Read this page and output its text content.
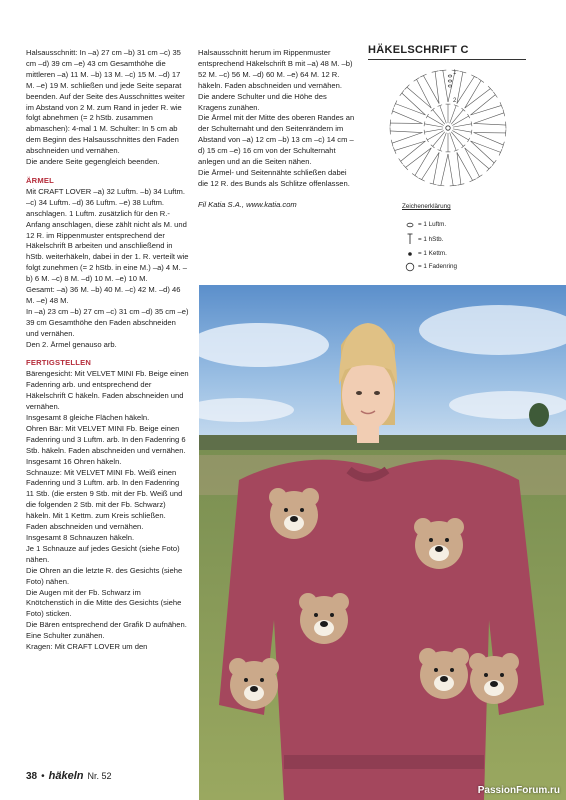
Halsausschnitt: In –a) 27 cm –b) 31 cm –c) 35 cm –d) 39 cm –e) 43 cm Gesamthöhe die mittleren –a) 11 M. –b) 13 M. –c) 15 M. –d) 17 M. –e) 19 M. schließen und jede Seite separat beenden. Auf der Seite des Ausschnittes weiter im Abstand von 2 M. zum Rand in jeder R. wie folgt abnehmen (= 2 hStb. zusammen abmaschen): 4-mal 1 M. Schulter: In 5 cm ab dem Beginn des Halsausschnittes den Faden abschneiden und vernähen.

Die andere Seite gegengleich beenden.

ÄRMEL

Mit CRAFT LOVER –a) 32 Luftm. –b) 34 Luftm. –c) 34 Luftm. –d) 36 Luftm. –e) 38 Luftm. anschlagen. 1 Luftm. zusätzlich für den R.-Anfang anschlagen, diese zählt nicht als M. und 12 R. im Rippenmuster entsprechend der Häkelschrift B arbeiten und anschließend in hStb. weiterhäkeln, dabei in der 1. R. verteilt wie folgt zunehmen (= 2 hStb. in eine M.) –a) 4 M. –b) 6 M. –c) 8 M. –d) 10 M. –e) 10 M.

Gesamt: –a) 36 M. –b) 40 M. –c) 42 M. –d) 46 M. –e) 48 M.

In –a) 23 cm –b) 27 cm –c) 31 cm –d) 35 cm –e) 39 cm Gesamthöhe den Faden abschneiden und vernähen.

Den 2. Ärmel genauso arb.

FERTIGSTELLEN

Bärengesicht: Mit VELVET MINI Fb. Beige einen Fadenring arb. und entsprechend der Häkelschrift C häkeln. Faden abschneiden und vernähen.

Insgesamt 8 gleiche Flächen häkeln.

Ohren Bär: Mit VELVET MINI Fb. Beige einen Fadenring und 3 Luftm. arb. In den Fadenring 6 Stb. häkeln. Faden abschneiden und vernähen.

Insgesamt 16 Ohren häkeln.

Schnauze: Mit VELVET MINI Fb. Weiß einen Fadenring und 3 Luftm. arb. In den Fadenring 11 Stb. (die ersten 9 Stb. mit der Fb. Weiß und die folgenden 2 Stb. mit der Fb. Schwarz) häkeln. Mit 1 Kettm. zum Kreis schließen. Faden abschneiden und vernähen.

Insgesamt 8 Schnauzen häkeln.

Je 1 Schnauze auf jedes Gesicht (siehe Foto) nähen.

Die Ohren an die letzte R. des Gesichts (siehe Foto) nähen.

Die Augen mit der Fb. Schwarz im Knötchenstich in die Mitte des Gesichts (siehe Foto) sticken.

Die Bären entsprechend der Grafik D aufnähen.

Eine Schulter zunähen.

Kragen: Mit CRAFT LOVER um den

Halsausschnitt herum im Rippenmuster entsprechend Häkelschrift B mit –a) 48 M. –b) 52 M. –c) 56 M. –d) 60 M. –e) 64 M. 12 R. häkeln. Faden abschneiden und vernähen.

Die andere Schulter und die Höhe des Kragens zunähen.

Die Ärmel mit der Mitte des oberen Randes an der Schulternaht und den Seitenrändern im Abstand von –a) 12 cm –b) 13 cm –c) 14 cm –d) 15 cm –e) 16 cm von der Schulternaht anlegen und an die Seiten nähen.

Die Ärmel- und Seitennähte schließen dabei die 12 R. des Bunds als Schlitze offenlassen.

Fil Katia S.A., www.katia.com

HÄKELSCHRIFT C
1
2
Zeichenerklärung
= 1 Luftm.
= 1 hStb.
= 1 Kettm.
= 1 Fadenring
38 • häkeln Nr. 52
PassionForum.ru
